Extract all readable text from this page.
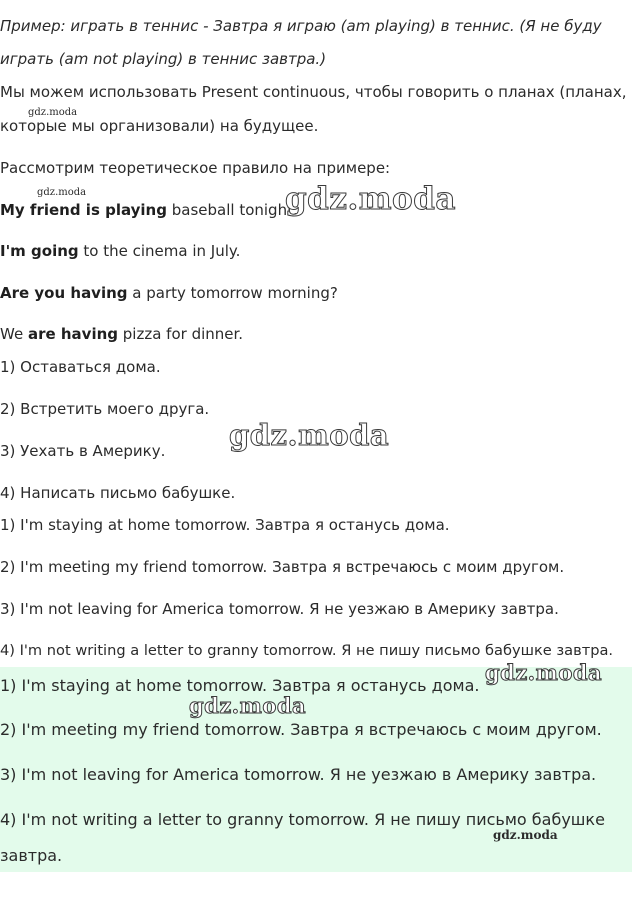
Пример: играть в теннис - Завтра я играю (am playing) в теннис. (Я не буду

играть (am not playing) в теннис завтра.)

Мы можем использовать Present continuous, чтобы говорить о планах (планах,

которые мы организовали) на будущее.

Рассмотрим теоретическое правило на примере:

My friend is playing baseball tonight.

I'm going to the cinema in July.

Are you having a party tomorrow morning?

We are having pizza for dinner.

1) Оставаться дома.

2) Встретить моего друга.

3) Уехать в Америку.

4) Написать письмо бабушке.

1) I'm staying at home tomorrow. Завтра я останусь дома.

2) I'm meeting my friend tomorrow. Завтра я встречаюсь с моим другом.

3) I'm not leaving for America tomorrow. Я не уезжаю в Америку завтра.

4) I'm not writing a letter to granny tomorrow. Я не пишу письмо бабушке завтра.

1) I'm staying at home tomorrow. Завтра я останусь дома.

2) I'm meeting my friend tomorrow. Завтра я встречаюсь с моим другом.

3) I'm not leaving for America tomorrow. Я не уезжаю в Америку завтра.

4) I'm not writing a letter to granny tomorrow. Я не пишу письмо бабушке

завтра.

gdz.moda
gdz.moda	gdz.moda
gdz.moda
gdz.moda
gdz.moda
gdz.moda
